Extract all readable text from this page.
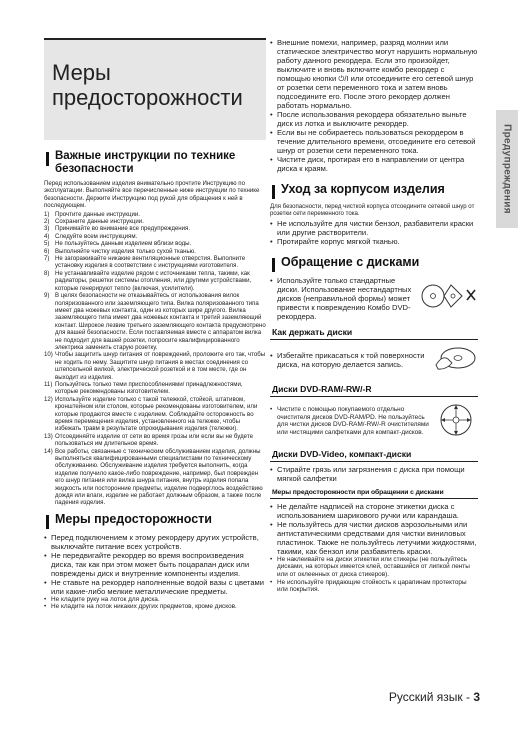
Меры
предосторожности
Важные инструкции по технике безопасности

Перед использованием изделия внимательно прочтите Инструкцию по эксплуатации. Выполняйте все перечисленные ниже инструкции по технике безопасности. Держите Инструкцию под рукой для обращения к ней в последующем.

1) Прочтите данные инструкции.
2) Сохраните данные инструкции.
3) Принимайте во внимание все предупреждения.
4) Следуйте всем инструкциям.
5) Не пользуйтесь данным изделием вблизи воды.
6) Выполняйте чистку изделия только сухой тканью.
7) Не загораживайте никакие вентиляционные отверстия. Выполните установку изделия в соответствии с инструкциями изготовителя.
8) Не устанавливайте изделие рядом с источниками тепла, такими, как радиаторы, решетки системы отопления, или другими устройствами, которые генерируют тепло (включая, усилители).
9) В целях безопасности не отказывайтесь от использования вилок поляризованного или заземляющего типа. Вилка поляризованного типа имеет два ножевых контакта, один из которых шире другого. Вилка заземляющего типа имеет два ножевых контакта и третий заземляющий контакт. Широкое лезвие третьего заземляющего контакта предусмотрено для вашей безопасности. Если поставляемая вместе с аппаратом вилка не подходит для вашей розетки, попросите квалифицированного электрика заменить старую розетку.
10) Чтобы защитить шнур питания от повреждений, проложите его так, чтобы не ходить по нему. Защитите шнур питания в местах соединения со штепсельной вилкой, электрической розеткой и в том месте, где он выходит из изделия.
11) Пользуйтесь только теми приспособлениями/ принадлежностями, которые рекомендованы изготовителем.
12) Используйте изделие только с такой тележкой, стойкой, штативом, кронштейном или столом, которые рекомендованы изготовителем, или которые продаются вместе с изделием. Соблюдайте осторожность во время перемещения изделия, установленного на тележке, чтобы избежать травм в результате опрокидывания изделия (тележки).
13) Отсоединяйте изделие от сети во время грозы или если вы не будете пользоваться им длительное время.
14) Все работы, связанные с техническим обслуживанием изделия, должны выполняться квалифицированными специалистами по техническому обслуживанию. Обслуживание изделия требуется выполнить, когда изделие получило какое-либо повреждение, например, был поврежден его шнур питания или вилка шнура питания, внутрь изделия попала жидкость или посторонние предметы, изделие подверглось воздействию дождя или влаги, изделие не работает должным образом, а также после падения изделия.
Меры предосторожности
• Перед подключением к этому рекордеру других устройств, выключайте питание всех устройств.
• Не передвигайте рекордер во время воспроизведения диска, так как при этом может быть поцарапан диск или повреждены диск и внутренние компоненты изделия.
• Не ставьте на рекордер наполненные водой вазы с цветами или какие-либо мелкие металлические предметы.
• Не кладите руку на лоток для диска.
• Не кладите на лоток никаких других предметов, кроме дисков.
• Внешние помехи, например, разряд молнии или статическое электричество могут нарушить нормальную работу данного рекордера. Если это произойдет, выключите и вновь включите комбо рекордер с помощью кнопки ⏻/I или отсоедините его сетевой шнур от розетки сети переменного тока и затем вновь подсоедините его. После этого рекордер должен работать нормально.
• После использования рекордера обязательно выньте диск из лотка и выключите рекордер.
• Если вы не собираетесь пользоваться рекордером в течение длительного времени, отсоедините его сетевой шнур от розетки сети переменного тока.
• Чистите диск, протирая его в направлении от центра диска к краям.
Уход за корпусом изделия

Для безопасности, перед чисткой корпуса отсоедините сетевой шнур от розетки сети переменного тока.

• Не используйте для чистки бензол, разбавители краски или другие растворители.
• Протирайте корпус мягкой тканью.
Обращение с дисками
• Используйте только стандартные диски. Использование нестандартных дисков (неправильной формы) может привести к повреждению Комбо DVD-рекордера.
Как держать диски
• Избегайте прикасаться к той поверхности диска, на которую делается запись.
Диски DVD-RAM/-RW/-R
• Чистите с помощью покупаемого отдельно очистителя дисков DVD-RAM/PD. Не пользуйтесь для чистки дисков DVD-RAM/-RW/-R очистителями или чистящими салфетками для компакт-дисков.
Диски DVD-Video, компакт-диски
• Стирайте грязь или загрязнения с диска при помощи мягкой салфетки
Меры предосторожности при обращении с дисками
• Не делайте надписей на стороне этикетки диска с использованием шарикового ручки или карандаша.
• Не пользуйтесь для чистки дисков аэрозольными или антистатическими средствами для чистки виниловых пластинок. Также не пользуйтесь летучими жидкостями, такими, как бензол или разбавитель краски.
• Не наклеивайте на диски этикетки или стикеры (не пользуйтесь дисками, на которых имеется клей, оставшийся от липкой ленты или от оклеенных от диска стикеров).
• Не используйте придающие стойкость к царапинам протекторы или покрытия.
Предупреждения
Русский язык - 3
